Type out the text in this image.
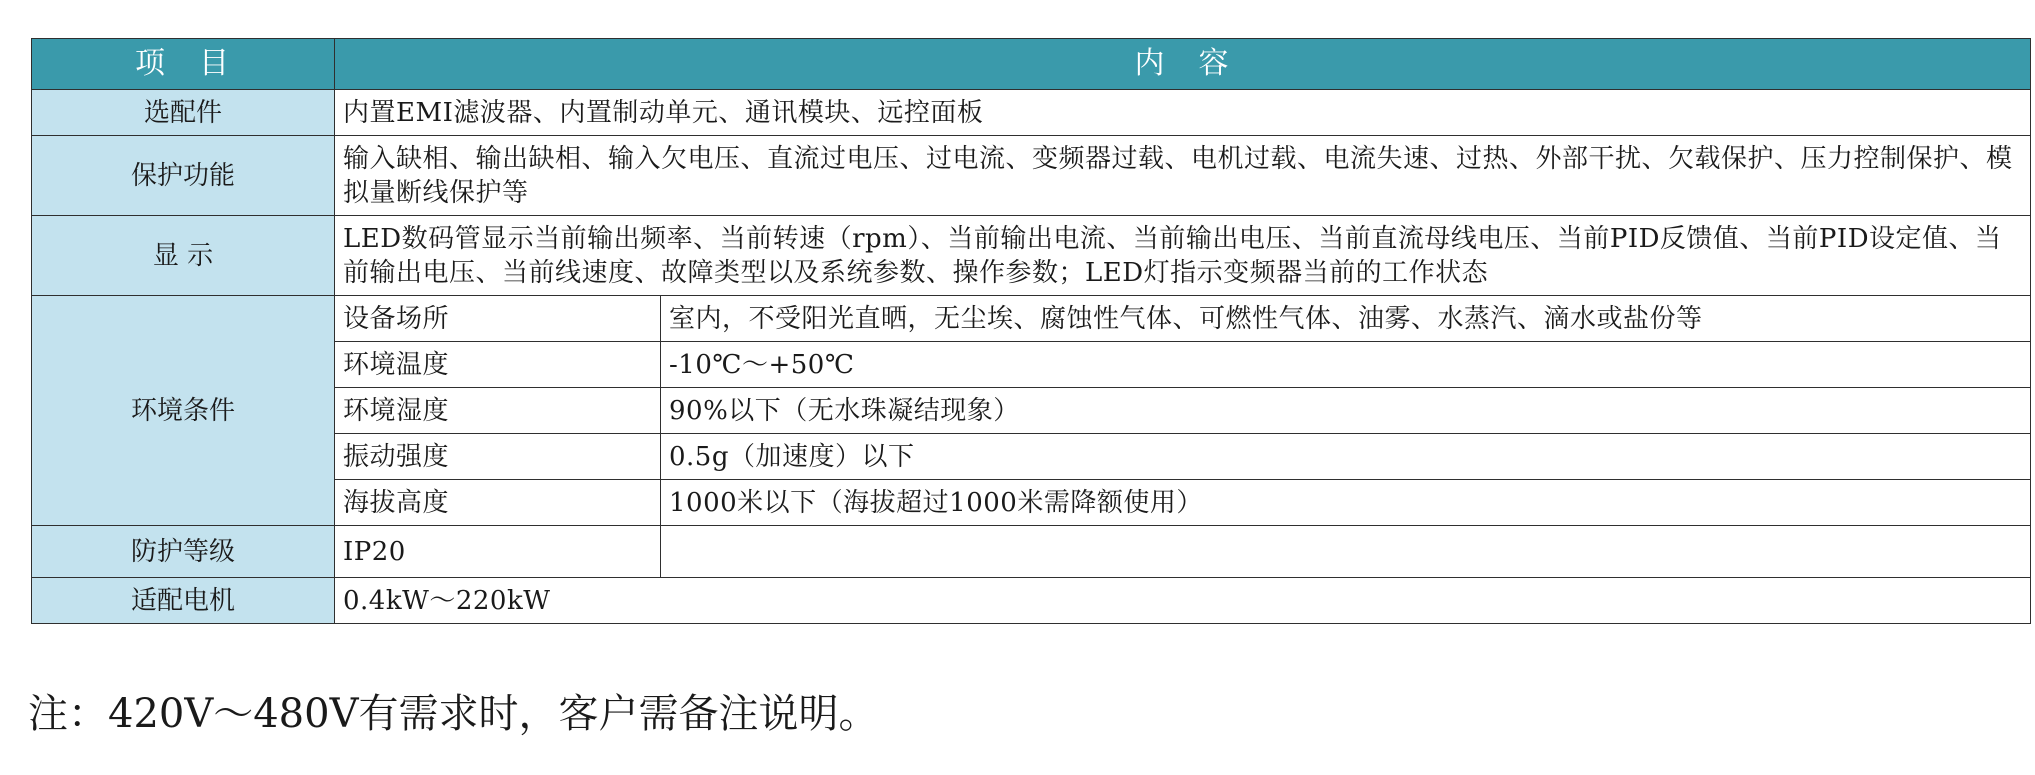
项　目	内　容	
选配件	内置EMI滤波器、内置制动单元、通讯模块、远控面板	
保护功能	输入缺相、输出缺相、输入欠电压、直流过电压、过电流、变频器过载、电机过载、电流失速、过热、外部干扰、欠载保护、压力控制保护、模拟量断线保护等	
显 示	LED数码管显示当前输出频率、当前转速（rpm）、当前输出电流、当前输出电压、当前直流母线电压、当前PID反馈值、当前PID设定值、当前输出电压、当前线速度、故障类型以及系统参数、操作参数；LED灯指示变频器当前的工作状态	
环境条件	设备场所	室内，不受阳光直晒，无尘埃、腐蚀性气体、可燃性气体、油雾、水蒸汽、滴水或盐份等
	环境温度	-10℃～+50℃
	环境湿度	90%以下（无水珠凝结现象）
	振动强度	0.5g（加速度）以下
	海拔高度	1000米以下（海拔超过1000米需降额使用）
防护等级	IP20	
适配电机	0.4kW～220kW	

注：420V～480V有需求时，客户需备注说明。
